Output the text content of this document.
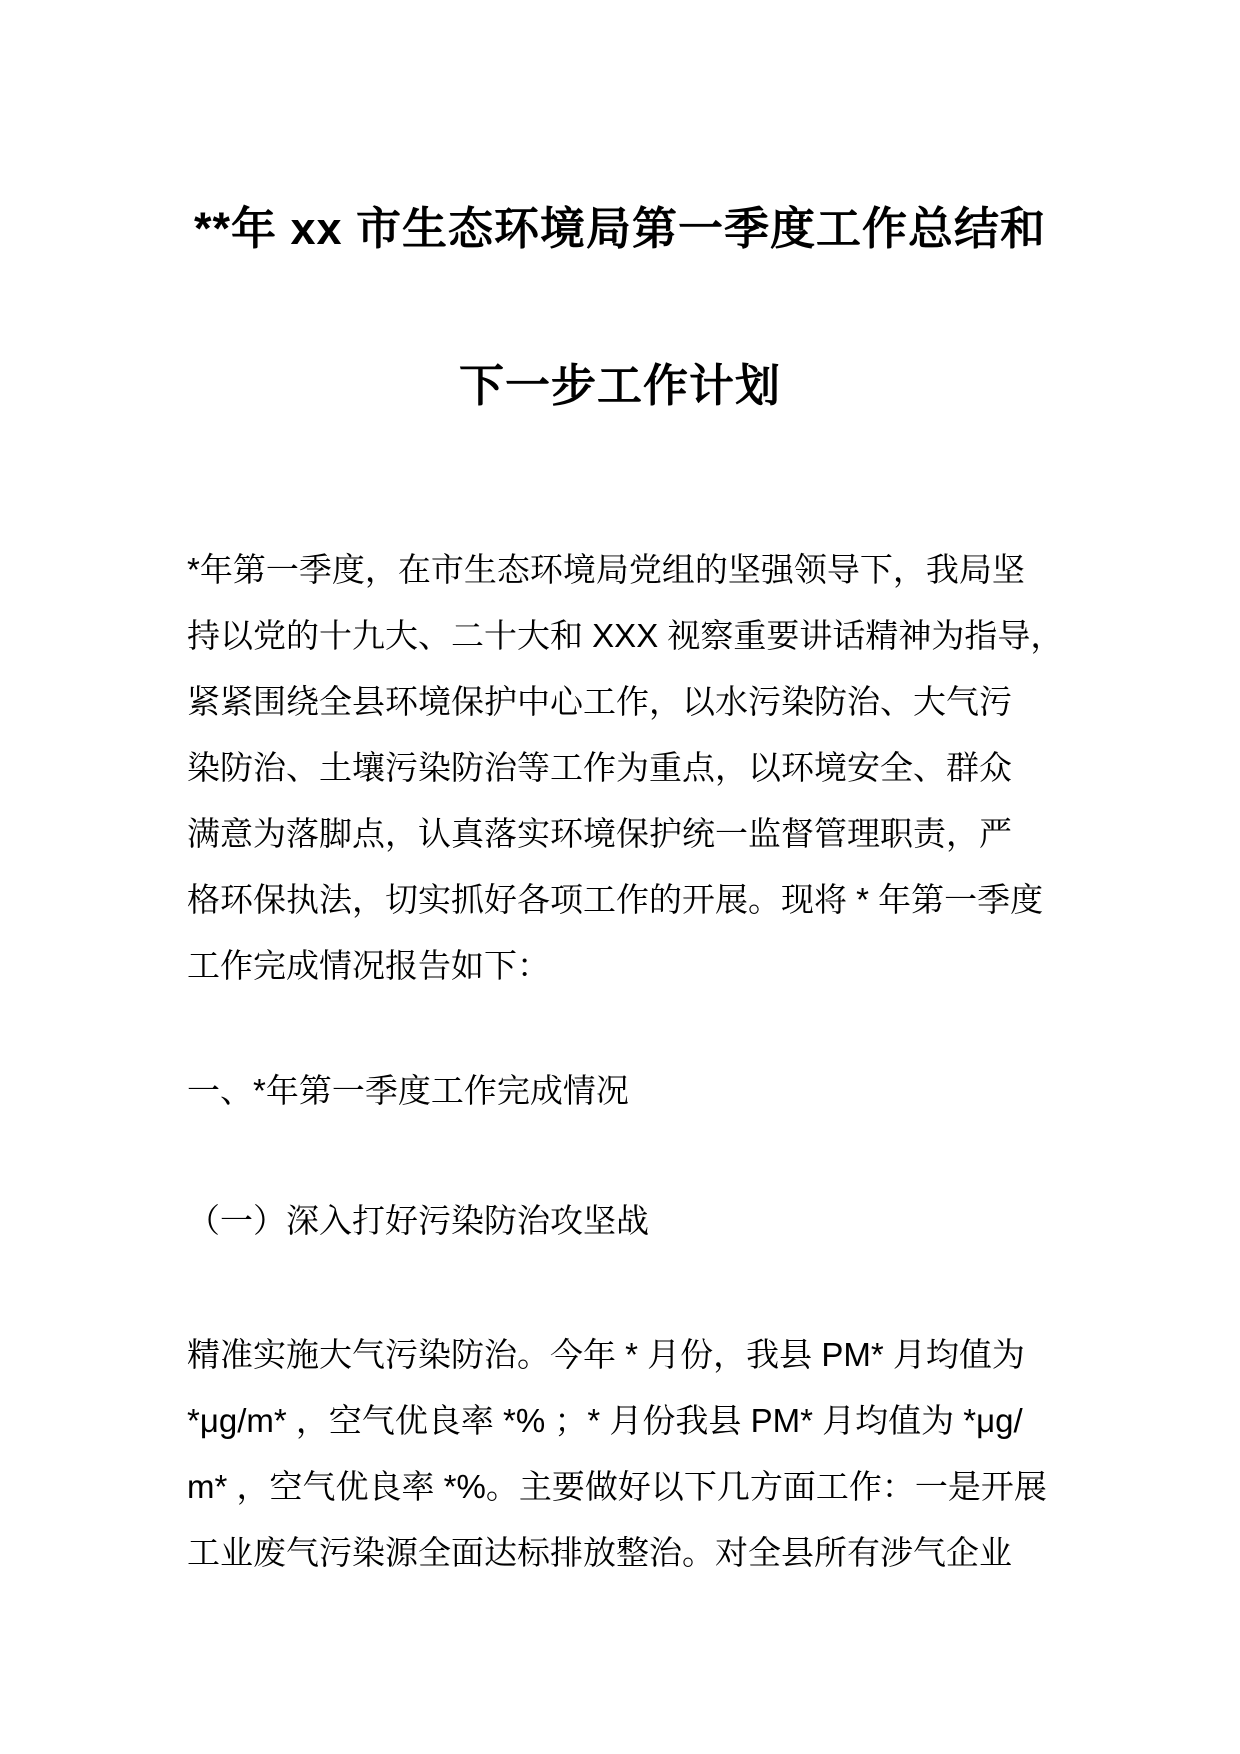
**年 xx 市生态环境局第一季度工作总结和
下一步工作计划
*年第一季度，在市生态环境局党组的坚强领导下，我局坚
持以党的十九大、二十大和 XXX 视察重要讲话精神为指导，
紧紧围绕全县环境保护中心工作，以水污染防治、大气污
染防治、土壤污染防治等工作为重点，以环境安全、群众
满意为落脚点，认真落实环境保护统一监督管理职责，严
格环保执法，切实抓好各项工作的开展。现将 * 年第一季度
工作完成情况报告如下：
一、*年第一季度工作完成情况
（一）深入打好污染防治攻坚战
精准实施大气污染防治。今年 * 月份，我县 PM* 月均值为
*μg/m* ，空气优良率 *% ；* 月份我县 PM* 月均值为 *μg/
m* ，空气优良率 *%。主要做好以下几方面工作：一是开展
工业废气污染源全面达标排放整治。对全县所有涉气企业
